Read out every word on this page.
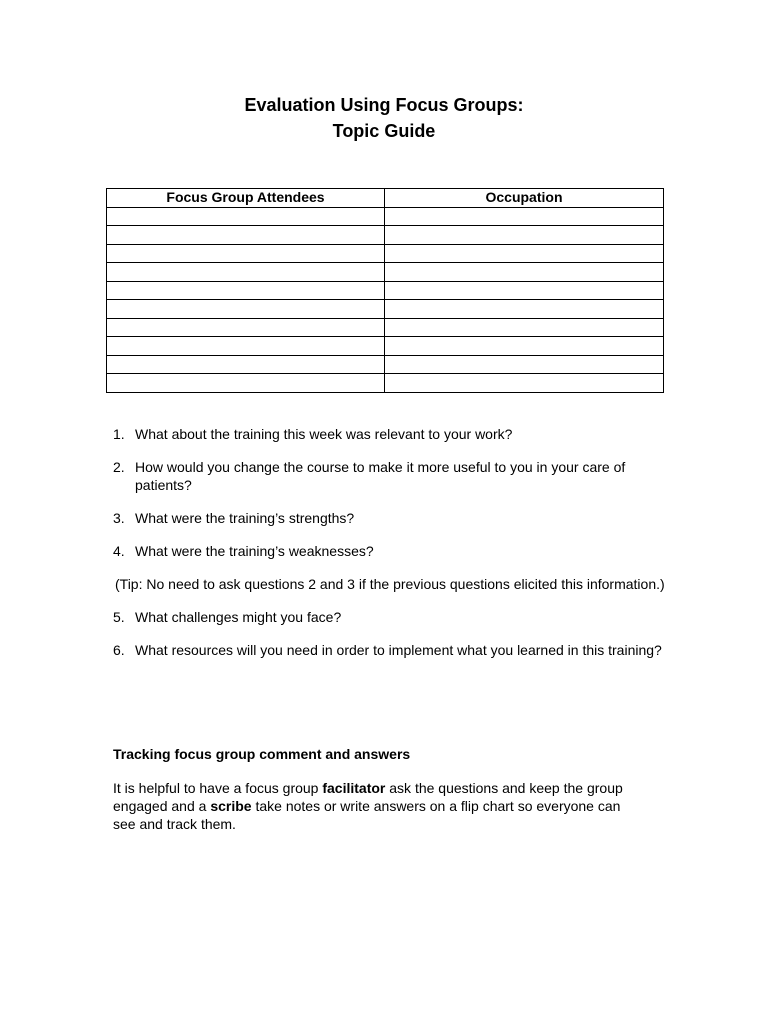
Evaluation Using Focus Groups:
Topic Guide
Focus Group Attendees	Occupation

1. What about the training this week was relevant to your work?
2. How would you change the course to make it more useful to you in your care of patients?
3. What were the training’s strengths?
4. What were the training’s weaknesses?
(Tip: No need to ask questions 2 and 3 if the previous questions elicited this information.)
5. What challenges might you face?
6. What resources will you need in order to implement what you learned in this training?
Tracking focus group comment and answers
It is helpful to have a focus group facilitator ask the questions and keep the group engaged and a scribe take notes or write answers on a flip chart so everyone can see and track them.
